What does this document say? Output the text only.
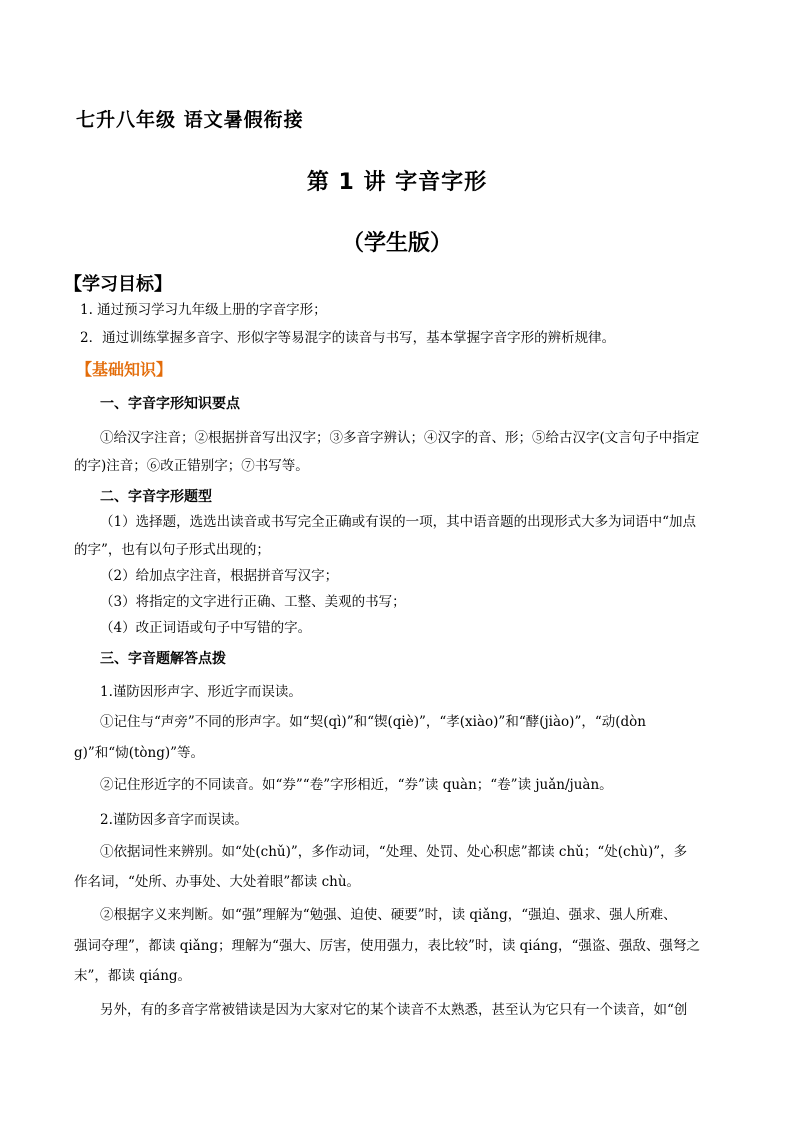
七升八年级 语文暑假衔接
第 1 讲 字音字形
（学生版）
【学习目标】
1. 通过预习学习九年级上册的字音字形；
2．通过训练掌握多音字、形似字等易混字的读音与书写，基本掌握字音字形的辨析规律。
【基础知识】
一、字音字形知识要点
①给汉字注音；②根据拼音写出汉字；③多音字辨认；④汉字的音、形；⑤给古汉字(文言句子中指定
的字)注音；⑥改正错别字；⑦书写等。
二、字音字形题型
（1）选择题，选选出读音或书写完全正确或有误的一项，其中语音题的出现形式大多为词语中“加点
的字”，也有以句子形式出现的；
（2）给加点字注音，根据拼音写汉字；
（3）将指定的文字进行正确、工整、美观的书写；
（4）改正词语或句子中写错的字。
三、字音题解答点拨
1.谨防因形声字、形近字而误读。
①记住与“声旁”不同的形声字。如“契(qì)”和“锲(qiè)”，“孝(xiào)”和“酵(jiào)”，“动(dòn
g)”和“恸(tòng)”等。
②记住形近字的不同读音。如“券”“卷”字形相近，“券”读 quàn；“卷”读 juǎn/juàn。
2.谨防因多音字而误读。
①依据词性来辨别。如“处(chǔ)”，多作动词，“处理、处罚、处心积虑”都读 chǔ；“处(chù)”，多
作名词，“处所、办事处、大处着眼”都读 chù。
②根据字义来判断。如“强”理解为“勉强、迫使、硬要”时，读 qiǎng，“强迫、强求、强人所难、
强词夺理”，都读 qiǎng；理解为“强大、厉害，使用强力，表比较”时，读 qiáng，“强盗、强敌、强弩之
末”，都读 qiáng。
另外，有的多音字常被错读是因为大家对它的某个读音不太熟悉，甚至认为它只有一个读音，如“创
